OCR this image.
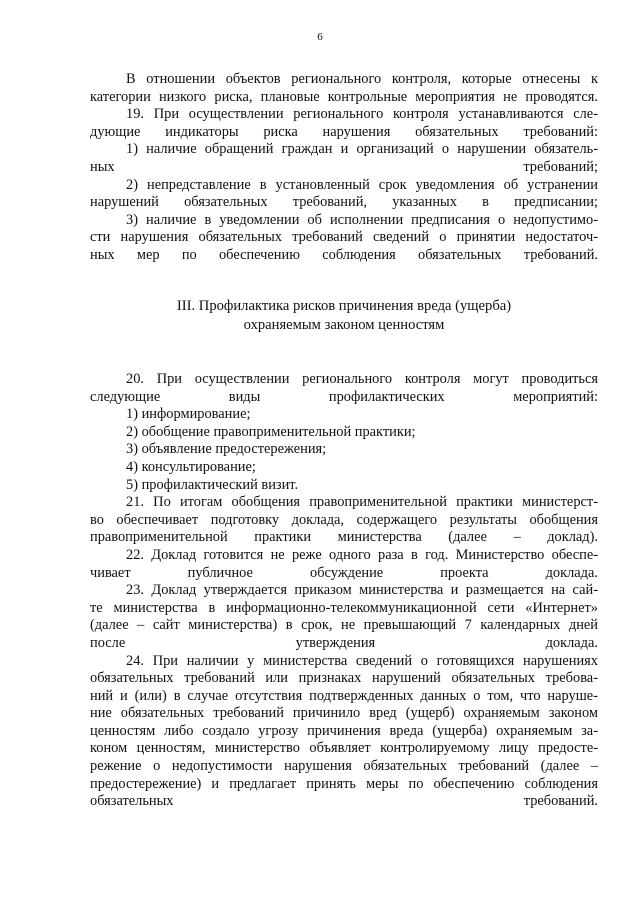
6

В отношении объектов регионального контроля, которые отнесены к
категории низкого риска, плановые контрольные мероприятия не проводятся.

19. При осуществлении регионального контроля устанавливаются сле-
дующие индикаторы риска нарушения обязательных требований:

1) наличие обращений граждан и организаций о нарушении обязатель-
ных требований;

2) непредставление в установленный срок уведомления об устранении
нарушений обязательных требований, указанных в предписании;

3) наличие в уведомлении об исполнении предписания о недопустимо-
сти нарушения обязательных требований сведений о принятии недостаточ-
ных мер по обеспечению соблюдения обязательных требований.

III. Профилактика рисков причинения вреда (ущерба)
охраняемым законом ценностям

20. При осуществлении регионального контроля могут проводиться
следующие виды профилактических мероприятий:

1) информирование;

2) обобщение правоприменительной практики;

3) объявление предостережения;

4) консультирование;

5) профилактический визит.

21. По итогам обобщения правоприменительной практики министерст-
во обеспечивает подготовку доклада, содержащего результаты обобщения
правоприменительной практики министерства (далее – доклад).

22. Доклад готовится не реже одного раза в год. Министерство обеспе-
чивает публичное обсуждение проекта доклада.

23. Доклад утверждается приказом министерства и размещается на сай-
те министерства в информационно-телекоммуникационной сети «Интернет»
(далее – сайт министерства) в срок, не превышающий 7 календарных дней
после утверждения доклада.

24. При наличии у министерства сведений о готовящихся нарушениях
обязательных требований или признаках нарушений обязательных требова-
ний и (или) в случае отсутствия подтвержденных данных о том, что наруше-
ние обязательных требований причинило вред (ущерб) охраняемым законом
ценностям либо создало угрозу причинения вреда (ущерба) охраняемым за-
коном ценностям, министерство объявляет контролируемому лицу предосте-
режение о недопустимости нарушения обязательных требований (далее –
предостережение) и предлагает принять меры по обеспечению соблюдения
обязательных требований.
